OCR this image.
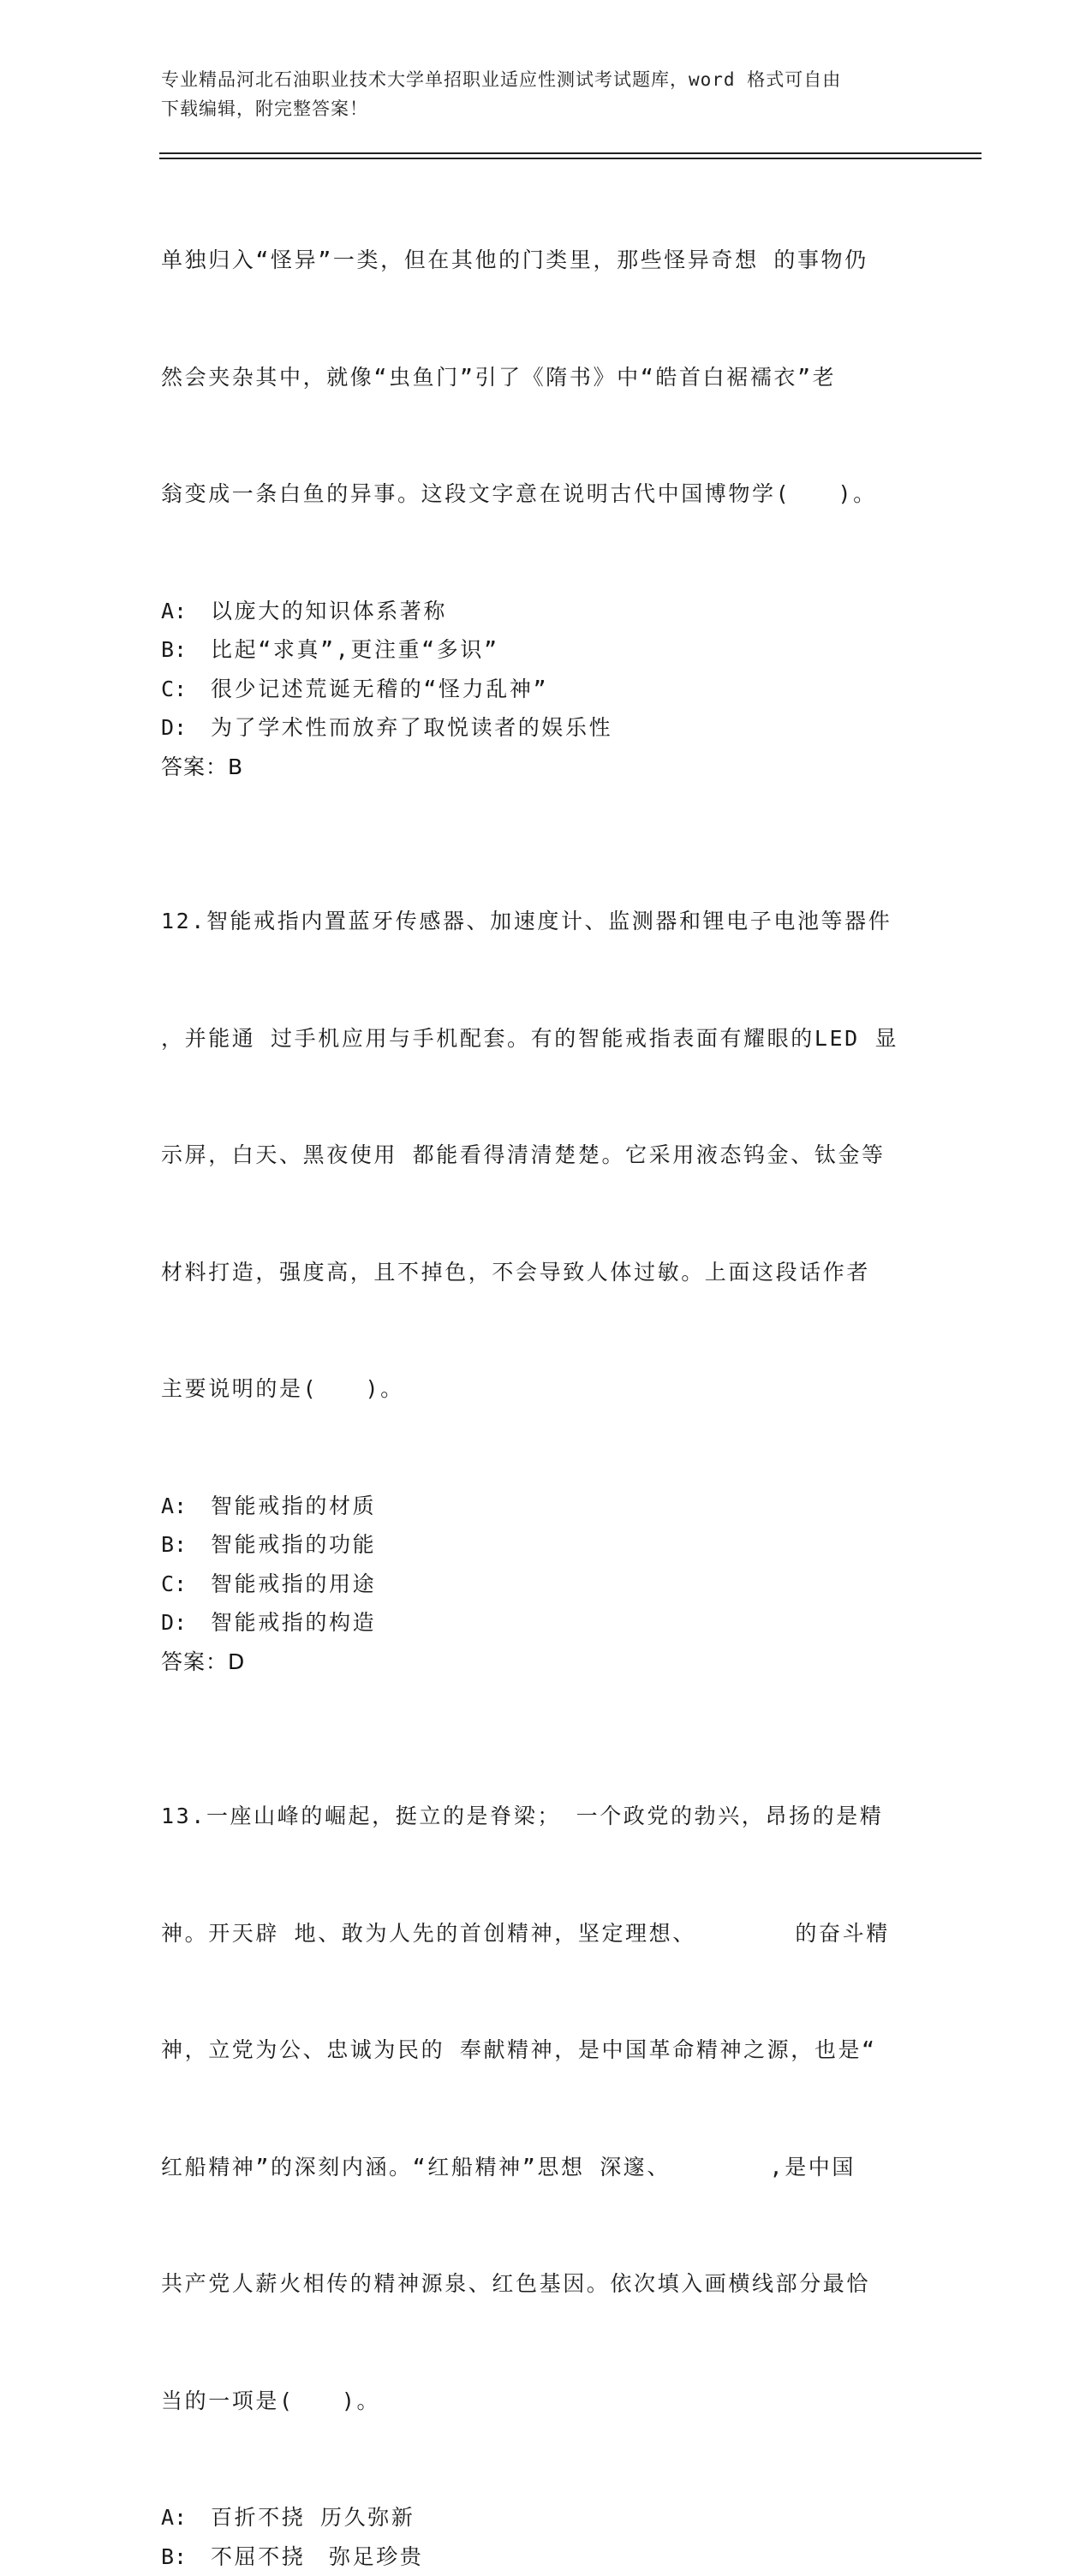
专业精品河北石油职业技术大学单招职业适应性测试考试题库，word 格式可自由
下载编辑，附完整答案！

单独归入“怪异”一类，但在其他的门类里，那些怪异奇想 的事物仍

然会夹杂其中，就像“虫鱼门”引了《隋书》中“皓首白裾襦衣”老

翁变成一条白鱼的异事。这段文字意在说明古代中国博物学(　　)。

A: 以庞大的知识体系著称
B: 比起“求真”,更注重“多识”
C: 很少记述荒诞无稽的“怪力乱神”
D: 为了学术性而放弃了取悦读者的娱乐性
答案：B

12.智能戒指内置蓝牙传感器、加速度计、监测器和锂电子电池等器件

，并能通 过手机应用与手机配套。有的智能戒指表面有耀眼的LED 显

示屏，白天、黑夜使用 都能看得清清楚楚。它采用液态钨金、钛金等

材料打造，强度高，且不掉色，不会导致人体过敏。上面这段话作者

主要说明的是(　　)。

A: 智能戒指的材质
B: 智能戒指的功能
C: 智能戒指的用途
D: 智能戒指的构造
答案：D

13.一座山峰的崛起，挺立的是脊梁； 一个政党的勃兴，昂扬的是精

神。开天辟 地、敢为人先的首创精神，坚定理想、　　　　 的奋斗精

神，立党为公、忠诚为民的 奉献精神，是中国革命精神之源，也是“

红船精神”的深刻内涵。“红船精神”思想 深邃、　　　　 ,是中国

共产党人薪火相传的精神源泉、红色基因。依次填入画横线部分最恰

当的一项是(　　)。

A: 百折不挠 历久弥新
B: 不屈不挠　弥足珍贵
